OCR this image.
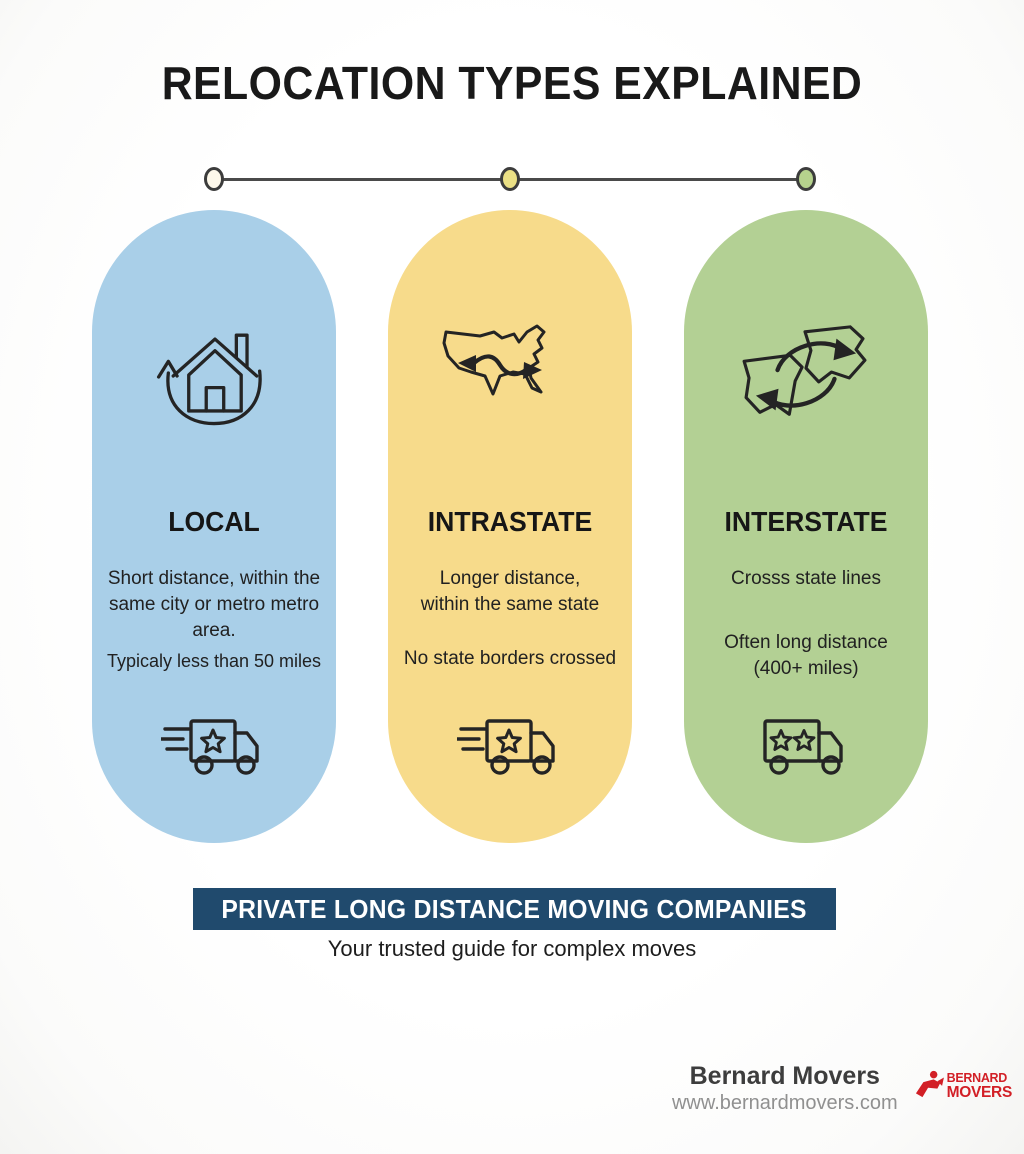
RELOCATION TYPES EXPLAINED
LOCAL
Short distance, within the same city or metro metro area.
Typicaly less than 50 miles
INTRASTATE
Longer distance, within the same state
No state borders crossed
INTERSTATE
Crosss state lines
Often long distance (400+ miles)
PRIVATE LONG DISTANCE MOVING COMPANIES
Your trusted guide for complex moves
Bernard Movers
www.bernardmovers.com
BERNARD
MOVERS
